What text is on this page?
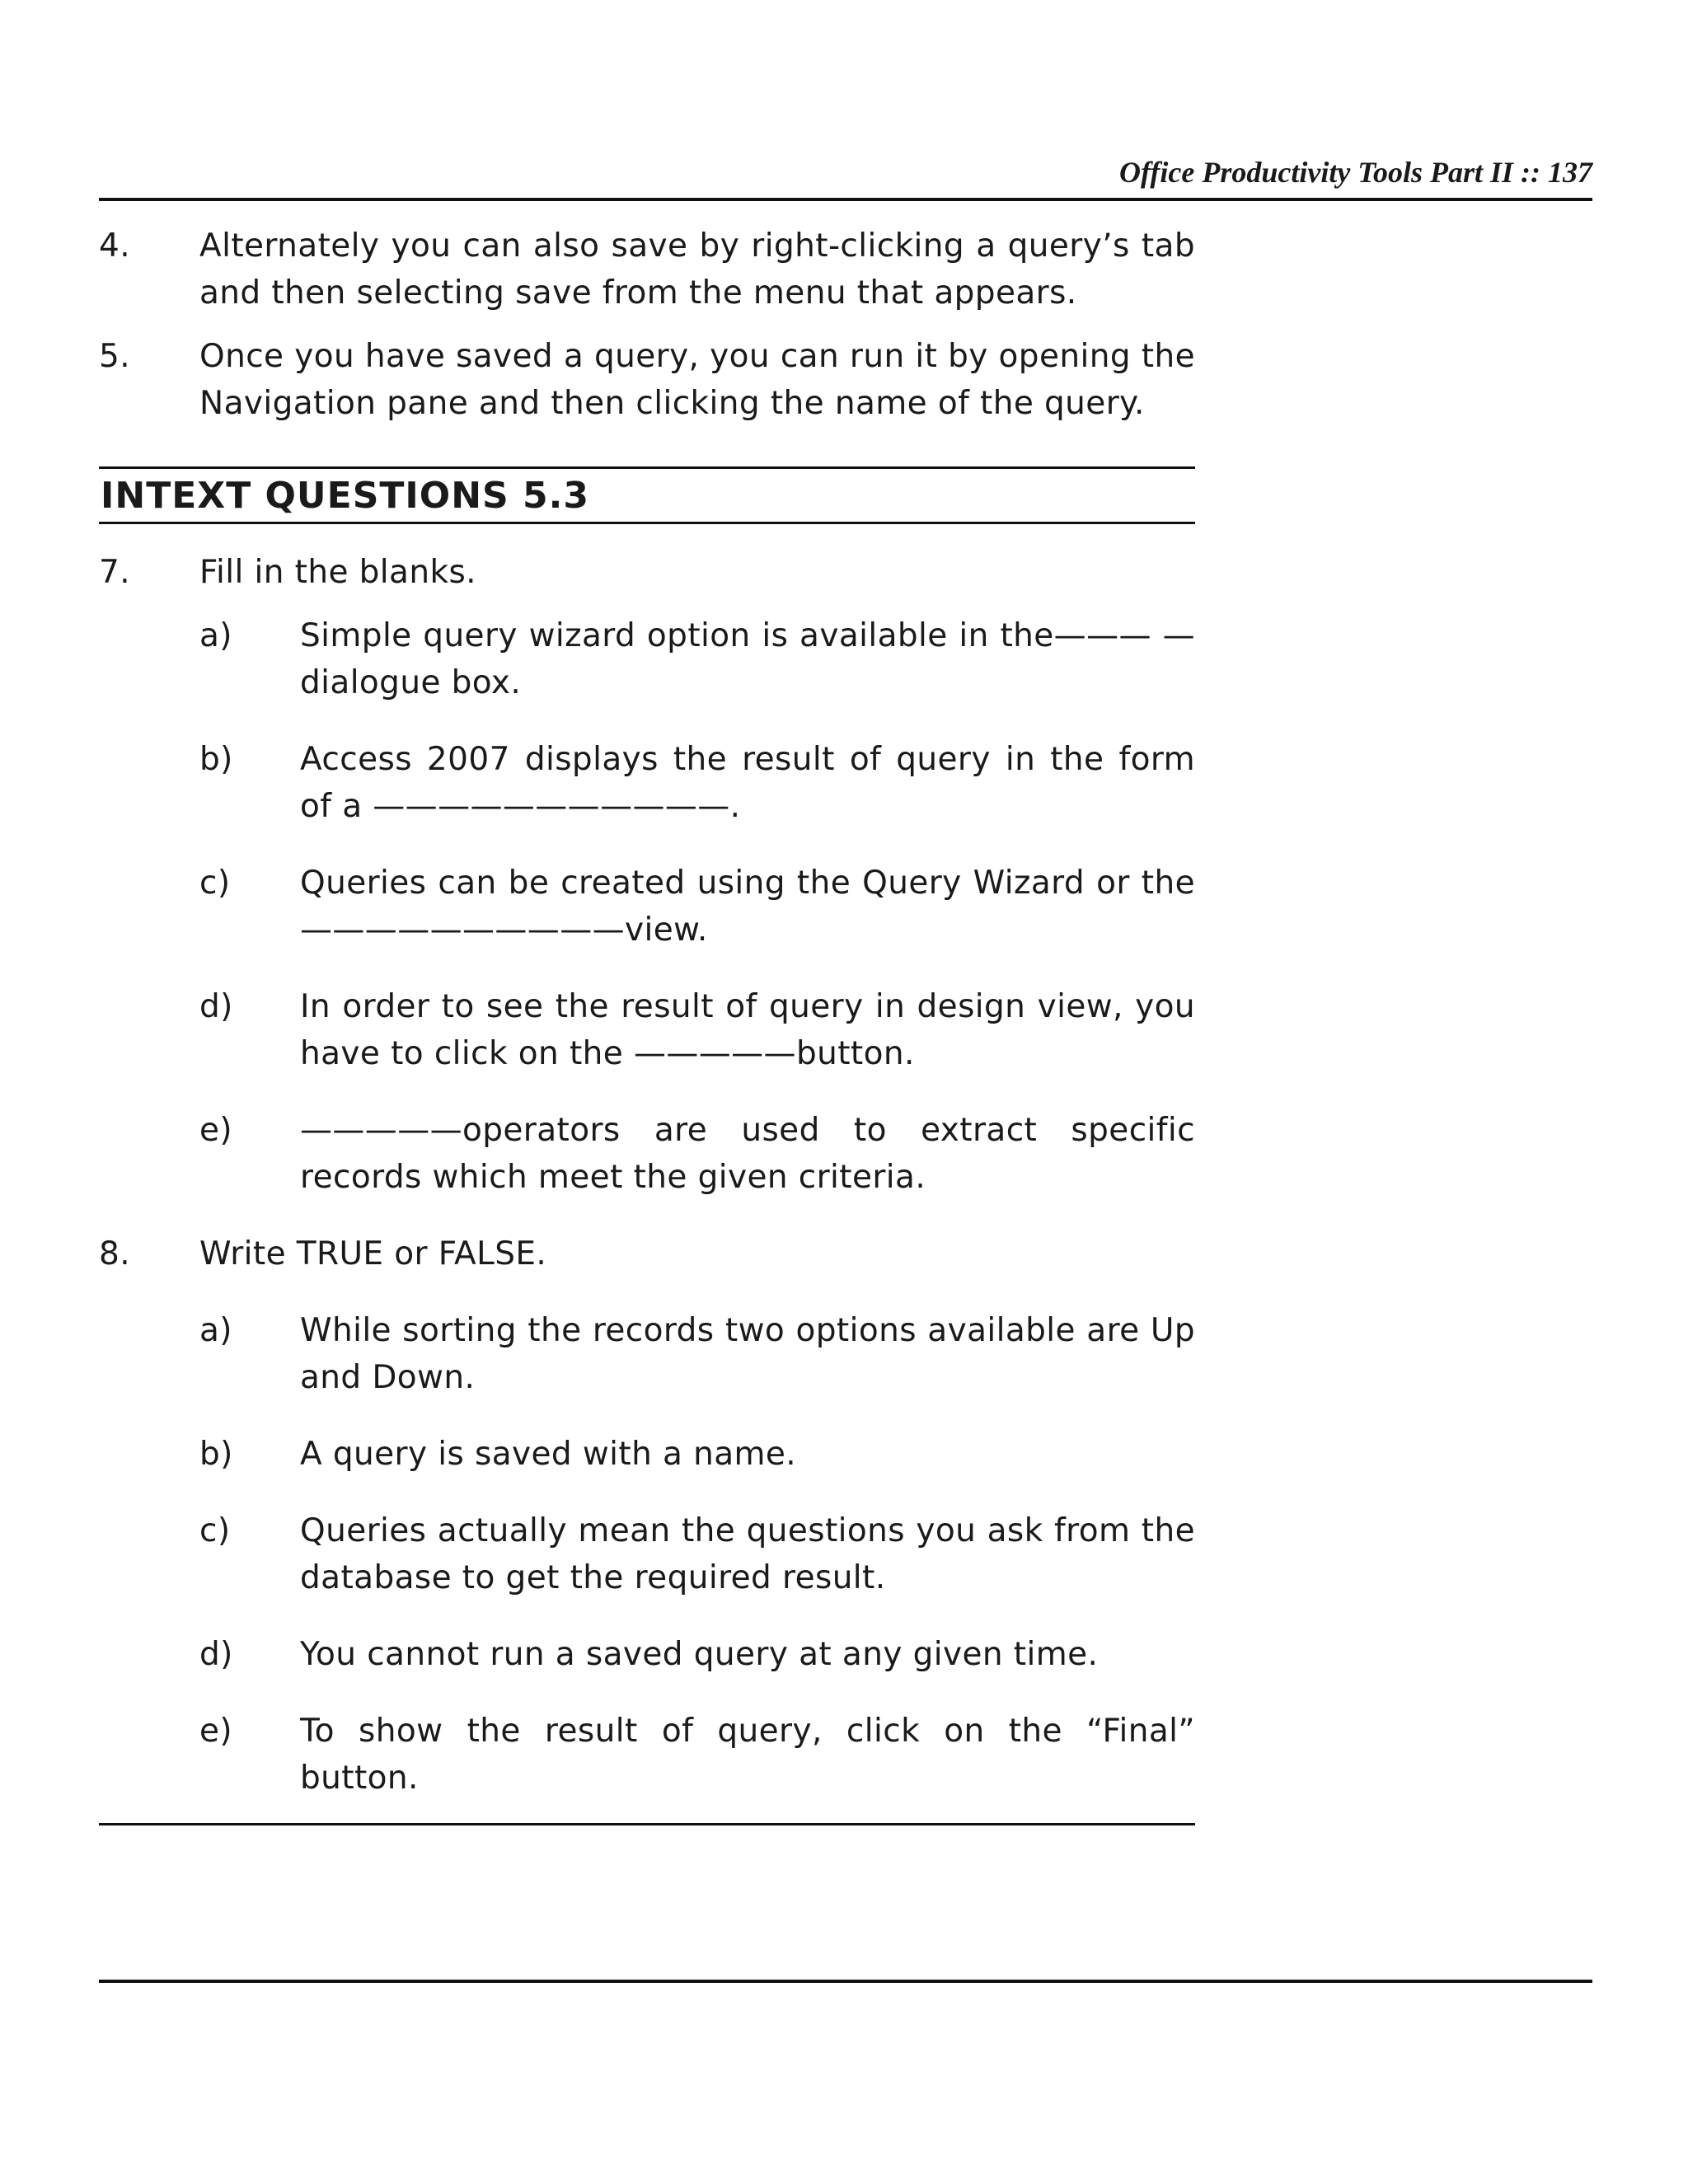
Office Productivity Tools Part II :: 137
4.	Alternately you can also save by right-clicking a query’s tab and then selecting save from the menu that appears.
5.	Once you have saved a query, you can run it by opening the Navigation pane and then clicking the name of the query.
INTEXT QUESTIONS 5.3
7.	Fill in the blanks.
a)	Simple query wizard option is available in the——— — dialogue box.
b)	Access 2007 displays the result of query in the form of a ———————————.
c)	Queries can be created using the Query Wizard or the ——————————view.
d)	In order to see the result of query in design view, you have to click on the —————button.
e)	—————operators are used to extract specific records which meet the given criteria.
8.	Write TRUE or FALSE.
a)	While sorting the records two options available are Up and Down.
b)	A query is saved with a name.
c)	Queries actually mean the questions you ask from the database to get the required result.
d)	You cannot run a saved query at any given time.
e)	To show the result of query, click on the “Final” button.
